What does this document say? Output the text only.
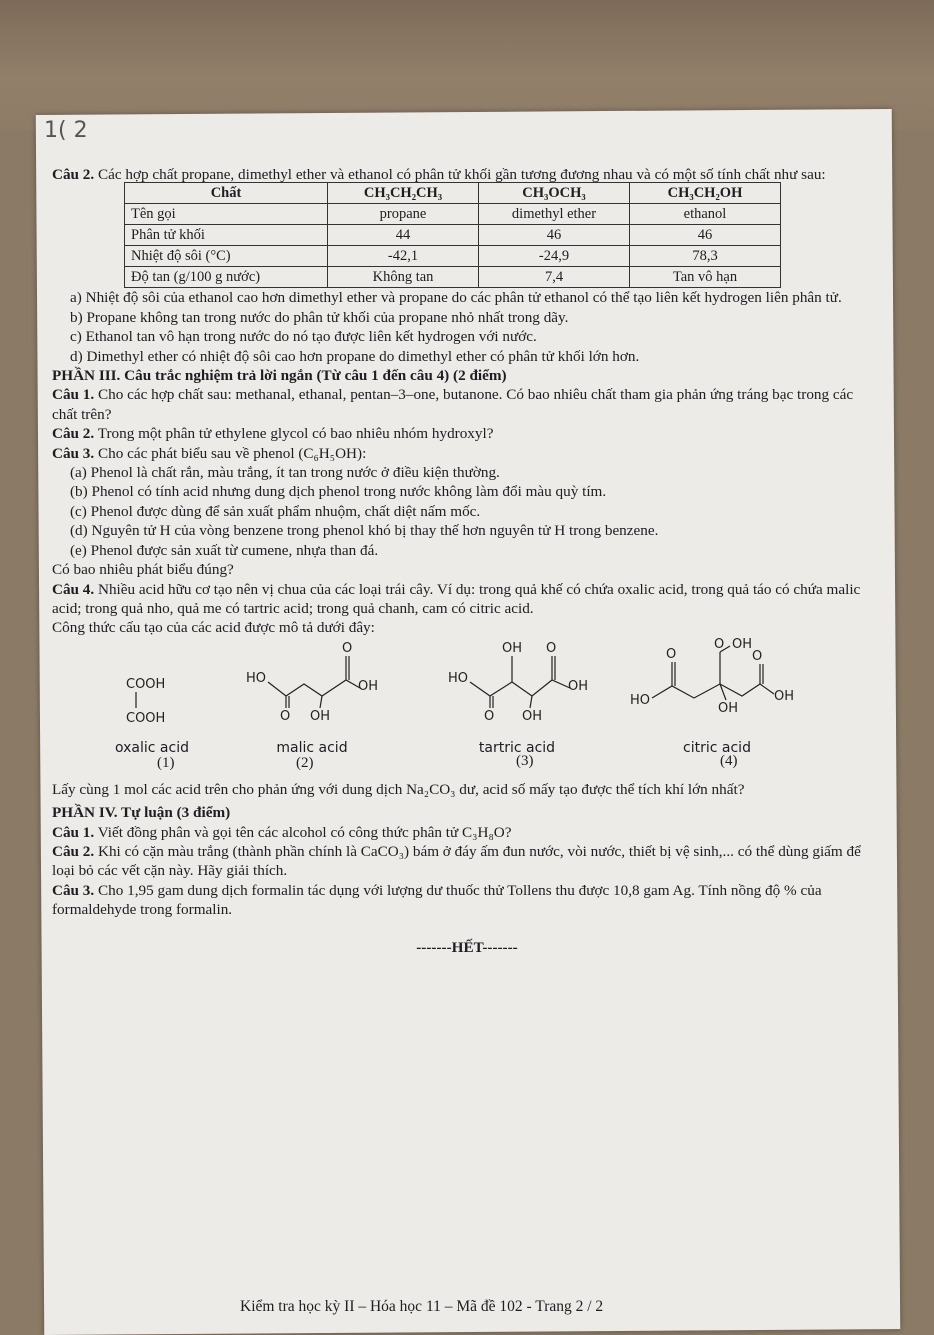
1( 2

Câu 2. Các hợp chất propane, dimethyl ether và ethanol có phân tử khối gần tương đương nhau và có một số tính chất như sau:

Chất	CH₃CH₂CH₃	CH₃OCH₃	CH₃CH₂OH
Tên gọi	propane	dimethyl ether	ethanol
Phân tử khối	44	46	46
Nhiệt độ sôi (°C)	-42,1	-24,9	78,3
Độ tan (g/100 g nước)	Không tan	7,4	Tan vô hạn

a) Nhiệt độ sôi của ethanol cao hơn dimethyl ether và propane do các phân tử ethanol có thể tạo liên kết hydrogen liên phân tử.

b) Propane không tan trong nước do phân tử khối của propane nhỏ nhất trong dãy.

c) Ethanol tan vô hạn trong nước do nó tạo được liên kết hydrogen với nước.

d) Dimethyl ether có nhiệt độ sôi cao hơn propane do dimethyl ether có phân tử khối lớn hơn.

PHẦN III. Câu trắc nghiệm trả lời ngắn (Từ câu 1 đến câu 4) (2 điểm)

Câu 1. Cho các hợp chất sau: methanal, ethanal, pentan–3–one, butanone. Có bao nhiêu chất tham gia phản ứng tráng bạc trong các chất trên?

Câu 2. Trong một phân tử ethylene glycol có bao nhiêu nhóm hydroxyl?

Câu 3. Cho các phát biểu sau về phenol (C₆H₅OH):

(a) Phenol là chất rắn, màu trắng, ít tan trong nước ở điều kiện thường.

(b) Phenol có tính acid nhưng dung dịch phenol trong nước không làm đổi màu quỳ tím.

(c) Phenol được dùng để sản xuất phẩm nhuộm, chất diệt nấm mốc.

(d) Nguyên tử H của vòng benzene trong phenol khó bị thay thế hơn nguyên tử H trong benzene.

(e) Phenol được sản xuất từ cumene, nhựa than đá.

Có bao nhiêu phát biểu đúng?

Câu 4. Nhiều acid hữu cơ tạo nên vị chua của các loại trái cây. Ví dụ: trong quả khế có chứa oxalic acid, trong quả táo có chứa malic acid; trong quả nho, quả me có tartric acid; trong quả chanh, cam có citric acid.

Công thức cấu tạo của các acid được mô tả dưới đây:

COOH
COOH
oxalic acid
(1)
O
HO
OH
O OH
malic acid
(2)
OH O
HO
OH
O OH
tartric acid
(3)
O
O OH
O
HO	OH
OH
citric acid
(4)

Lấy cùng 1 mol các acid trên cho phản ứng với dung dịch Na₂CO₃ dư, acid số mấy tạo được thể tích khí lớn nhất?

PHẦN IV. Tự luận (3 điểm)

Câu 1. Viết đồng phân và gọi tên các alcohol có công thức phân tử C₃H₈O?

Câu 2. Khi có cặn màu trắng (thành phần chính là CaCO₃) bám ở đáy ấm đun nước, vòi nước, thiết bị vệ sinh,... có thể dùng giấm để loại bỏ các vết cặn này. Hãy giải thích.

Câu 3. Cho 1,95 gam dung dịch formalin tác dụng với lượng dư thuốc thử Tollens thu được 10,8 gam Ag. Tính nồng độ % của formaldehyde trong formalin.

-------HẾT-------

Kiểm tra học kỳ II – Hóa học 11 – Mã đề 102 - Trang 2 / 2
